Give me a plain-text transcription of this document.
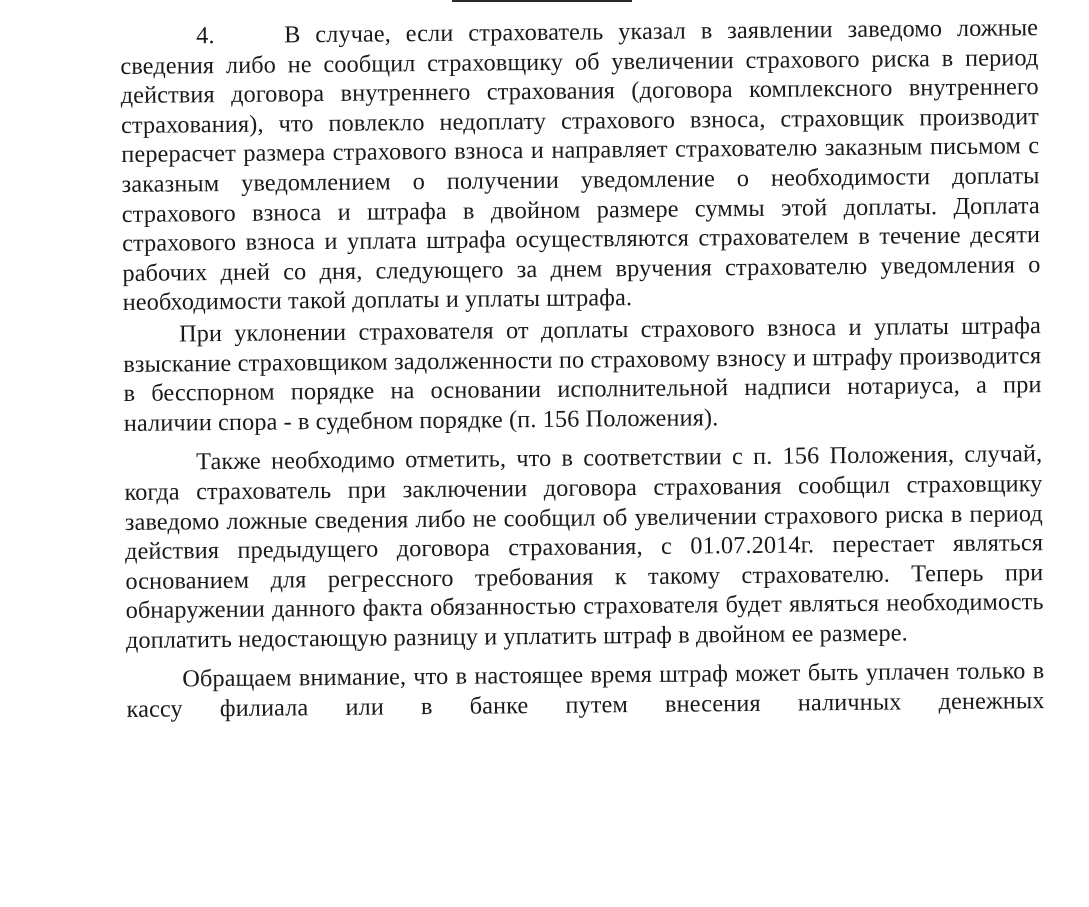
4.	В случае, если страхователь указал в заявлении заведомо ложные сведения либо не сообщил страховщику об увеличении страхового риска в период действия договора внутреннего страхования (договора комплексного внутреннего страхования), что повлекло недоплату страхового взноса, страховщик производит перерасчет размера страхового взноса и направляет страхователю заказным письмом с заказным уведомлением о получении уведомление о необходимости доплаты страхового взноса и штрафа в двойном размере суммы этой доплаты. Доплата страхового взноса и уплата штрафа осуществляются страхователем в течение десяти рабочих дней со дня, следующего за днем вручения страхователю уведомления о необходимости такой доплаты и уплаты штрафа.

При уклонении страхователя от доплаты страхового взноса и уплаты штрафа взыскание страховщиком задолженности по страховому взносу и штрафу производится в бесспорном порядке на основании исполнительной надписи нотариуса, а при наличии спора - в судебном порядке (п. 156 Положения).

Также необходимо отметить, что в соответствии с п. 156 Положения, случай, когда страхователь при заключении договора страхования сообщил страховщику заведомо ложные сведения либо не сообщил об увеличении страхового риска в период действия предыдущего договора страхования, с 01.07.2014г. перестает являться основанием для регрессного требования к такому страхователю. Теперь при обнаружении данного факта обязанностью страхователя будет являться необходимость доплатить недостающую разницу и уплатить штраф в двойном ее размере.

Обращаем внимание, что в настоящее время штраф может быть уплачен только в кассу филиала или в банке путем внесения наличных денежных
